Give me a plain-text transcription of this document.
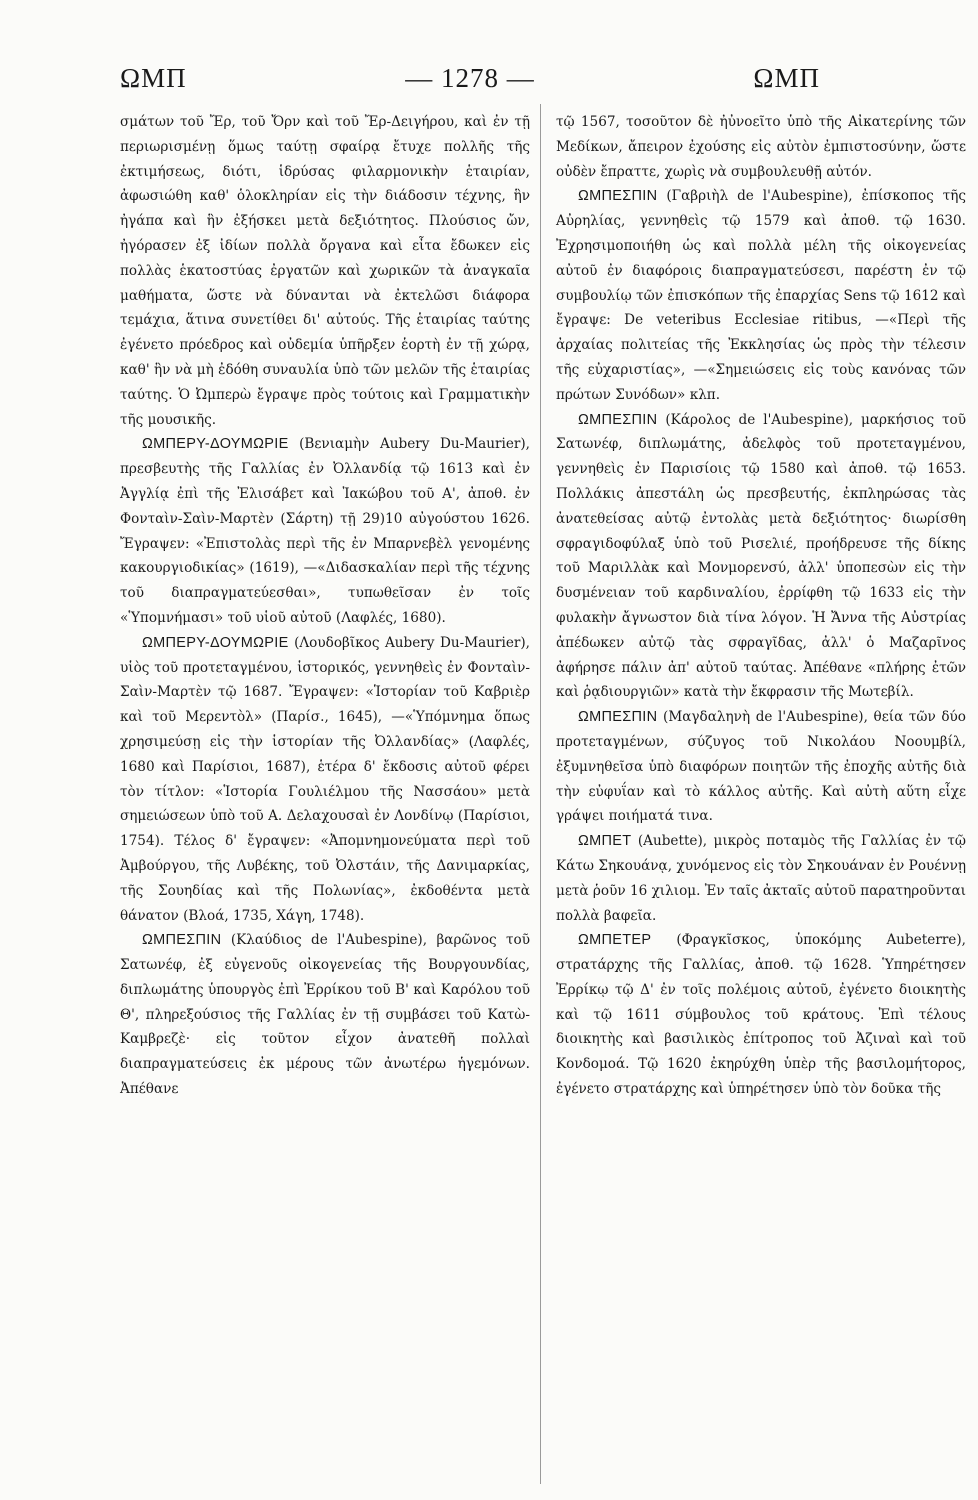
ΩΜΠ	— 1278 —	ΩΜΠ

σμάτων τοῦ Ἔρ, τοῦ Ὄρν καὶ τοῦ Ἔρ-Δειγήρου, καὶ ἐν τῇ περιωρισμένῃ ὅμως ταύτῃ σφαίρᾳ ἔτυχε πολλῆς τῆς ἐκτιμήσεως, διότι, ἱδρύσας φιλαρμονικὴν ἑταιρίαν, ἀφωσιώθη καθ' ὁλοκληρίαν εἰς τὴν διάδοσιν τέχνης, ἣν ἠγάπα καὶ ἣν ἐξήσκει μετὰ δεξιότητος. Πλούσιος ὤν, ἠγόρασεν ἐξ ἰδίων πολλὰ ὄργανα καὶ εἶτα ἔδωκεν εἰς πολλὰς ἑκατοστύας ἐργατῶν καὶ χωρικῶν τὰ ἀναγκαῖα μαθήματα, ὥστε νὰ δύνανται νὰ ἐκτελῶσι διάφορα τεμάχια, ἅτινα συνετίθει δι' αὐτούς. Τῆς ἑταιρίας ταύτης ἐγένετο πρόεδρος καὶ οὐδεμία ὑπῆρξεν ἑορτὴ ἐν τῇ χώρᾳ, καθ' ἣν νὰ μὴ ἐδόθη συναυλία ὑπὸ τῶν μελῶν τῆς ἑταιρίας ταύτης. Ὁ Ὠμπερὼ ἔγραψε πρὸς τούτοις καὶ Γραμματικὴν τῆς μουσικῆς.

ΩΜΠΕΡΥ-ΔΟΥΜΩΡΙΕ (Βενιαμὴν Aubery Du-Maurier), πρεσβευτὴς τῆς Γαλλίας ἐν Ὀλλανδίᾳ τῷ 1613 καὶ ἐν Ἀγγλίᾳ ἐπὶ τῆς Ἐλισάβετ καὶ Ἰακώβου τοῦ Α', ἀποθ. ἐν Φονταὶν-Σαὶν-Μαρτὲν (Σάρτη) τῇ 29)10 αὐγούστου 1626. Ἔγραψεν: «Ἐπιστολὰς περὶ τῆς ἐν Μπαρνεβὲλ γενομένης κακουργιοδικίας» (1619), —«Διδασκαλίαν περὶ τῆς τέχνης τοῦ διαπραγματεύεσθαι», τυπωθεῖσαν ἐν τοῖς «Ὑπομνήμασι» τοῦ υἱοῦ αὐτοῦ (Λαφλές, 1680).

ΩΜΠΕΡΥ-ΔΟΥΜΩΡΙΕ (Λουδοβῖκος Aubery Du-Maurier), υἱὸς τοῦ προτεταγμένου, ἱστορικός, γεννηθεὶς ἐν Φονταὶν-Σαὶν-Μαρτὲν τῷ 1687. Ἔγραψεν: «Ἱστορίαν τοῦ Καβριὲρ καὶ τοῦ Μερεντὸλ» (Παρίσ., 1645), —«Ὑπόμνημα ὅπως χρησιμεύσῃ εἰς τὴν ἱστορίαν τῆς Ὀλλανδίας» (Λαφλές, 1680 καὶ Παρίσιοι, 1687), ἑτέρα δ' ἔκδοσις αὐτοῦ φέρει τὸν τίτλον: «Ἱστορία Γουλιέλμου τῆς Νασσάου» μετὰ σημειώσεων ὑπὸ τοῦ Α. Δελαχουσαὶ ἐν Λονδίνῳ (Παρίσιοι, 1754). Τέλος δ' ἔγραψεν: «Ἀπομνημονεύματα περὶ τοῦ Ἀμβούργου, τῆς Λυβέκης, τοῦ Ὀλστάιν, τῆς Δανιμαρκίας, τῆς Σουηδίας καὶ τῆς Πολωνίας», ἐκδοθέντα μετὰ θάνατον (Βλοά, 1735, Χάγη, 1748).

ΩΜΠΕΣΠΙΝ (Κλαύδιος de l'Aubespine), βαρῶνος τοῦ Σατωνέφ, ἐξ εὐγενοῦς οἰκογενείας τῆς Βουργουνδίας, διπλωμάτης ὑπουργὸς ἐπὶ Ἐρρίκου τοῦ Β' καὶ Καρόλου τοῦ Θ', πληρεξούσιος τῆς Γαλλίας ἐν τῇ συμβάσει τοῦ Κατὼ-Καμβρεζὲ· εἰς τοῦτον εἶχον ἀνατεθῆ πολλαὶ διαπραγματεύσεις ἐκ μέρους τῶν ἀνωτέρω ἡγεμόνων. Ἀπέθανε

τῷ 1567, τοσοῦτον δὲ ἠὐνοεῖτο ὑπὸ τῆς Αἰκατερίνης τῶν Μεδίκων, ἄπειρον ἐχούσης εἰς αὐτὸν ἐμπιστοσύνην, ὥστε οὐδὲν ἔπραττε, χωρὶς νὰ συμβουλευθῇ αὐτόν.

ΩΜΠΕΣΠΙΝ (Γαβριὴλ de l'Aubespine), ἐπίσκοπος τῆς Αὐρηλίας, γεννηθεὶς τῷ 1579 καὶ ἀποθ. τῷ 1630. Ἐχρησιμοποιήθη ὡς καὶ πολλὰ μέλη τῆς οἰκογενείας αὐτοῦ ἐν διαφόροις διαπραγματεύσεσι, παρέστη ἐν τῷ συμβουλίῳ τῶν ἐπισκόπων τῆς ἐπαρχίας Sens τῷ 1612 καὶ ἔγραψε: De veteribus Ecclesiae ritibus, —«Περὶ τῆς ἀρχαίας πολιτείας τῆς Ἐκκλησίας ὡς πρὸς τὴν τέλεσιν τῆς εὐχαριστίας», —«Σημειώσεις εἰς τοὺς κανόνας τῶν πρώτων Συνόδων» κλπ.

ΩΜΠΕΣΠΙΝ (Κάρολος de l'Aubespine), μαρκήσιος τοῦ Σατωνέφ, διπλωμάτης, ἀδελφὸς τοῦ προτεταγμένου, γεννηθεὶς ἐν Παρισίοις τῷ 1580 καὶ ἀποθ. τῷ 1653. Πολλάκις ἀπεστάλη ὡς πρεσβευτής, ἐκπληρώσας τὰς ἀνατεθείσας αὐτῷ ἐντολὰς μετὰ δεξιότητος· διωρίσθη σφραγιδοφύλαξ ὑπὸ τοῦ Ρισελιέ, προήδρευσε τῆς δίκης τοῦ Μαριλλὰκ καὶ Μονμορενσύ, ἀλλ' ὑποπεσὼν εἰς τὴν δυσμένειαν τοῦ καρδιναλίου, ἐρρίφθη τῷ 1633 εἰς τὴν φυλακὴν ἄγνωστον διὰ τίνα λόγον. Ἡ Ἄννα τῆς Αὐστρίας ἀπέδωκεν αὐτῷ τὰς σφραγῖδας, ἀλλ' ὁ Μαζαρῖνος ἀφήρησε πάλιν ἀπ' αὐτοῦ ταύτας. Ἀπέθανε «πλήρης ἐτῶν καὶ ῥᾳδιουργιῶν» κατὰ τὴν ἔκφρασιν τῆς Μωτεβίλ.

ΩΜΠΕΣΠΙΝ (Μαγδαληνὴ de l'Aubespine), θεία τῶν δύο προτεταγμένων, σύζυγος τοῦ Νικολάου Νοουμβίλ, ἐξυμνηθεῖσα ὑπὸ διαφόρων ποιητῶν τῆς ἐποχῆς αὐτῆς διὰ τὴν εὐφυΐαν καὶ τὸ κάλλος αὐτῆς. Καὶ αὐτὴ αὕτη εἶχε γράψει ποιήματά τινα.

ΩΜΠΕΤ (Aubette), μικρὸς ποταμὸς τῆς Γαλλίας ἐν τῷ Κάτω Σηκουάνᾳ, χυνόμενος εἰς τὸν Σηκουάναν ἐν Ρουέννῃ μετὰ ῥοῦν 16 χιλιομ. Ἐν ταῖς ἀκταῖς αὐτοῦ παρατηροῦνται πολλὰ βαφεῖα.

ΩΜΠΕΤΕΡ (Φραγκῖσκος, ὑποκόμης Aubeterre), στρατάρχης τῆς Γαλλίας, ἀποθ. τῷ 1628. Ὑπηρέτησεν Ἐρρίκῳ τῷ Δ' ἐν τοῖς πολέμοις αὐτοῦ, ἐγένετο διοικητὴς καὶ τῷ 1611 σύμβουλος τοῦ κράτους. Ἐπὶ τέλους διοικητὴς καὶ βασιλικὸς ἐπίτροπος τοῦ Ἀζιναὶ καὶ τοῦ Κονδομοά. Τῷ 1620 ἐκηρύχθη ὑπὲρ τῆς βασιλομήτορος, ἐγένετο στρατάρχης καὶ ὑπηρέτησεν ὑπὸ τὸν δοῦκα τῆς
